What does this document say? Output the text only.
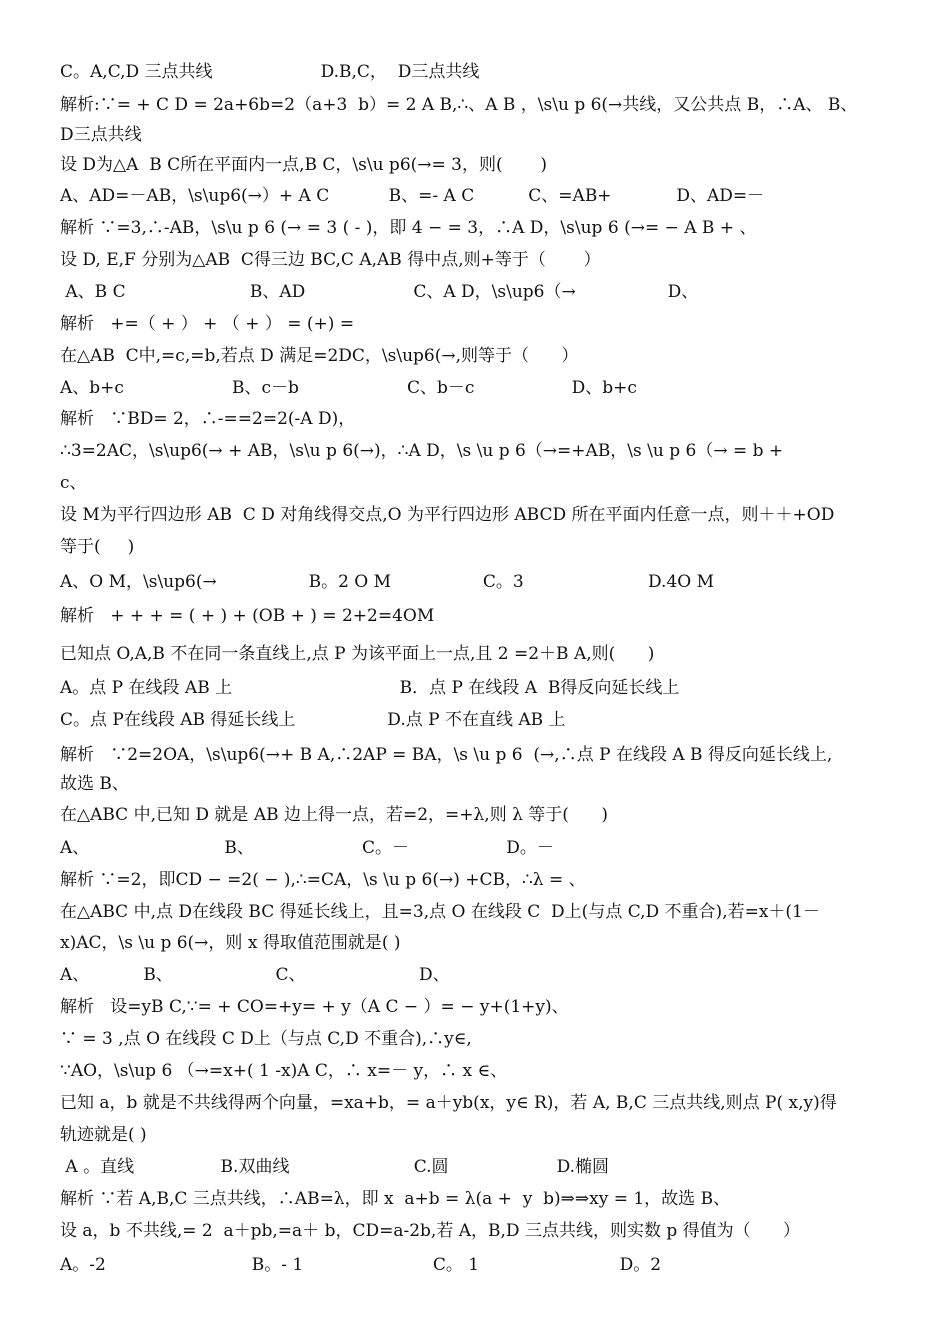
C。A,C,D 三点共线                    D.B,C，  D三点共线
解析:∵= + C D = 2a+6b=2（a+3  b）= 2 A B,∴、A B ，\s\u p 6(→共线，又公共点 B，∴A、 B、
D三点共线
设 D为△A  B C所在平面内一点,B C，\s\u p6(→= 3，则(       )
A、AD=－AB，\s\up6(→）+ A C           B、=- A C          C、=AB+            D、AD=－
解析 ∵=3,∴-AB，\s\u p 6 (→ = 3 ( - )，即 4 − = 3，∴A D，\s\up 6 (→= − A B + 、
设 D, E,F 分别为△AB  C得三边 BC,C A,AB 得中点,则+等于（       ）
A、B C                       B、AD                    C、A D，\s\up6（→                 D、
解析   +=（ + ） + （ + ） = (+) =
在△AB  C中,=c,=b,若点 D 满足=2DC，\s\up6(→,则等于（      ）
A、b+c                    B、c－b                    C、b－c                  D、b+c
解析   ∵BD= 2，∴-==2=2(-A D)，
∴3=2AC，\s\up6(→ + AB，\s\u p 6(→)，∴A D，\s \u p 6（→=+AB，\s \u p 6（→ = b +
c、
设 M为平行四边形 AB  C D 对角线得交点,O 为平行四边形 ABCD 所在平面内任意一点，则＋＋+OD
等于(     )
A、O M，\s\up6(→                 B。2 O M                 C。3                       D.4O M
解析   + + + = ( + ) + (OB + ) = 2+2=4OM
已知点 O,A,B 不在同一条直线上,点 P 为该平面上一点,且 2 =2＋B A,则(      )
A。点 P 在线段 AB 上                               B．点 P 在线段 A  B得反向延长线上
C。点 P在线段 AB 得延长线上                 D.点 P 不在直线 AB 上
解析   ∵2=2OA，\s\up6(→+ B A,∴2AP = BA，\s \u p 6  (→,∴点 P 在线段 A B 得反向延长线上,
故选 B、
在△ABC 中,已知 D 就是 AB 边上得一点，若=2，=+λ,则 λ 等于(      )
A、                         B、                    C。－                  D。－
解析 ∵=2，即CD − =2( − ),∴=CA，\s \u p 6(→) +CB，∴λ = 、
在△ABC 中,点 D在线段 BC 得延长线上，且=3,点 O 在线段 C  D上(与点 C,D 不重合),若=x＋(1－
x)AC，\s \u p 6(→，则 x 得取值范围就是( )
A、          B、                   C、                     D、
解析   设=yB C,∵= + CO=+y= + y（A C − ）= − y+(1+y)、
∵ = 3 ,点 O 在线段 C D上（与点 C,D 不重合),∴y∈,
∵AO，\s\up 6 （→=x+( 1 -x)A C，∴ x=－ y，∴ x ∈、
已知 a，b 就是不共线得两个向量，=xa+b，= a＋yb(x，y∈ R)，若 A, B,C 三点共线,则点 P( x,y)得
轨迹就是( )
A 。直线                B.双曲线                       C.圆                    D.椭圆
解析 ∵若 A,B,C 三点共线，∴AB=λ，即 x  a+b = λ(a +  y  b)⇒⇒xy = 1，故选 B、
设 a，b 不共线,= 2  a＋pb,=a＋ b，CD=a-2b,若 A，B,D 三点共线，则实数 p 得值为（      ）
A。-2                           B。- 1                        C。 1                          D。2
